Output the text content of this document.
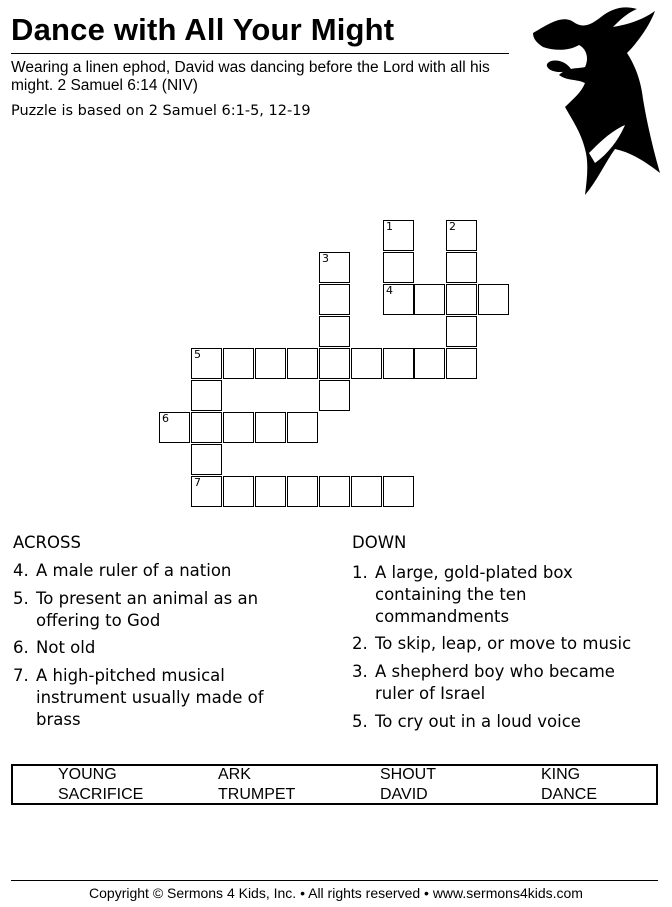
Dance with All Your Might
Wearing a linen ephod, David was dancing before the Lord with all his might. 2 Samuel 6:14 (NIV)
Puzzle is based on 2 Samuel 6:1-5, 12-19
1	2
3
4
5
6
7
ACROSS	DOWN
4. A male ruler of a nation
5. To present an animal as an offering to God
6. Not old
7. A high-pitched musical instrument usually made of brass
1. A large, gold-plated box containing the ten commandments
2. To skip, leap, or move to music
3. A shepherd boy who became ruler of Israel
5. To cry out in a loud voice
YOUNG	ARK	SHOUT	KING
SACRIFICE	TRUMPET	DAVID	DANCE
Copyright © Sermons 4 Kids, Inc. • All rights reserved • www.sermons4kids.com
